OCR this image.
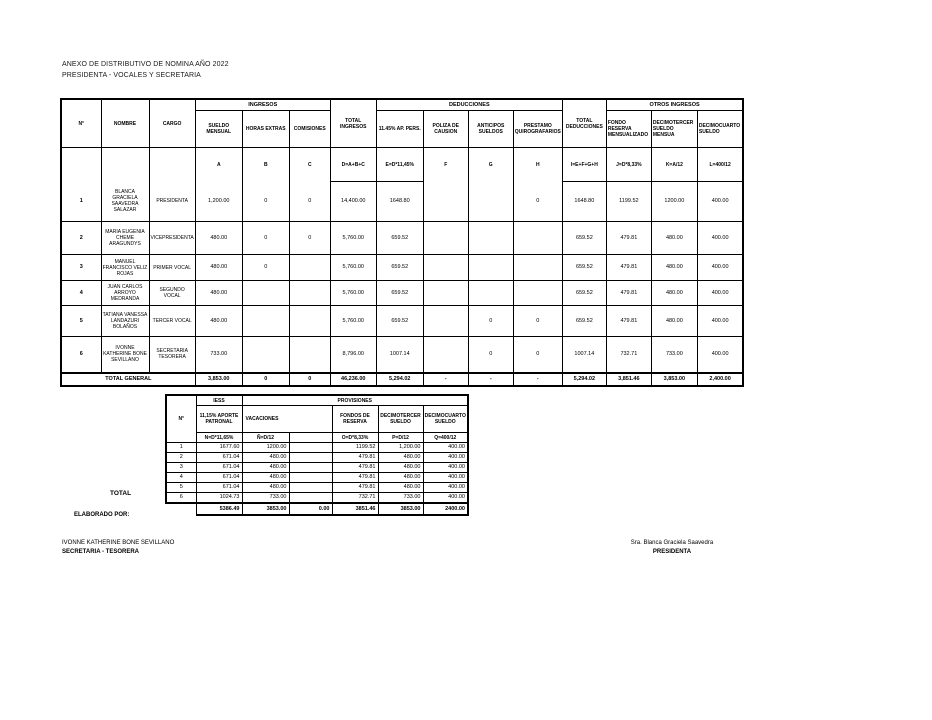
ANEXO DE DISTRIBUTIVO DE NOMINA AÑO 2022
PRESIDENTA - VOCALES Y SECRETARIA
N°	NOMBRE	CARGO	INGRESOS			TOTAL INGRESOS	DEDUCCIONES				TOTAL DEDUCCIONES	OTROS INGRESOS		
			SUELDO MENSUAL	HORAS EXTRAS	COMISIONES		11.45% AP. PERS.	POLIZA DE CAUSION	ANTICIPOS SUELDOS	PRESTAMO QUIROGRAFARIOS		FONDO RESERVA MENSUALIZADO	DECIMOTERCER SUELDO MENSUA	DECIMOCUARTO SUELDO
			A	B	C	D=A+B+C	E=D*11,45%	F	G	H	I=E+F+G+H	J=D*8,33%	K=A/12	L=400/12
1	BLANCA GRACIELA SAAVEDRA SALAZAR	PRESIDENTA	1,200.00	0	0	14,400.00	1648.80			0	1648.80	1199.52	1200.00	400.00
2	MARIA EUGENIA CHEME ARAGUNDYS	VICEPRESIDENTA	480.00	0	0	5,760.00	659.52				659.52	479.81	480.00	400.00
3	MANUEL FRANCISCO VELIZ ROJAS	PRIMER VOCAL	480.00	0		5,760.00	659.52				659.52	479.81	480.00	400.00
4	JUAN CARLOS ARROYO MEDRANDA	SEGUNDO VOCAL	480.00			5,760.00	659.52				659.52	479.81	480.00	400.00
5	TATIANA VANESSA LANDAZURI BOLAÑOS	TERCER VOCAL	480.00			5,760.00	659.52		0	0	659.52	479.81	480.00	400.00
6	IVONNE KATHERINE BONE SEVILLANO	SECRETARIA TESORERA	733.00			8,796.00	1007.14		0	0	1007.14	732.71	733.00	400.00
TOTAL GENERAL			3,853.00	0	0	46,236.00	5,294.02	-	-	-	5,294.02	3,851.46	3,853.00	2,400.00
N°	IESS	PROVISIONES				
	11,15% APORTE PATRONAL	VACACIONES		FONDOS DE RESERVA	DECIMOTERCER SUELDO	DECIMOCUARTO SUELDO
	N=D*11,65%	Ñ=D/12		O=D*8,33%	P=D/12	Q=400/12
1	1677.60	1200.00		1199.52	1,200.00	400.00
2	671.04	480.00		479.81	480.00	400.00
3	671.04	480.00		479.81	480.00	400.00
4	671.04	480.00		479.81	480.00	400.00
5	671.04	480.00		479.81	480.00	400.00
6	1024.73	733.00		732.71	733.00	400.00
	5386.49	3853.00	0.00	3851.46	3853.00	2400.00
TOTAL
ELABORADO POR:
IVONNE KATHERINE BONE SEVILLANO
SECRETARIA - TESORERA
Sra. Blanca Graciela Saavedra
PRESIDENTA
